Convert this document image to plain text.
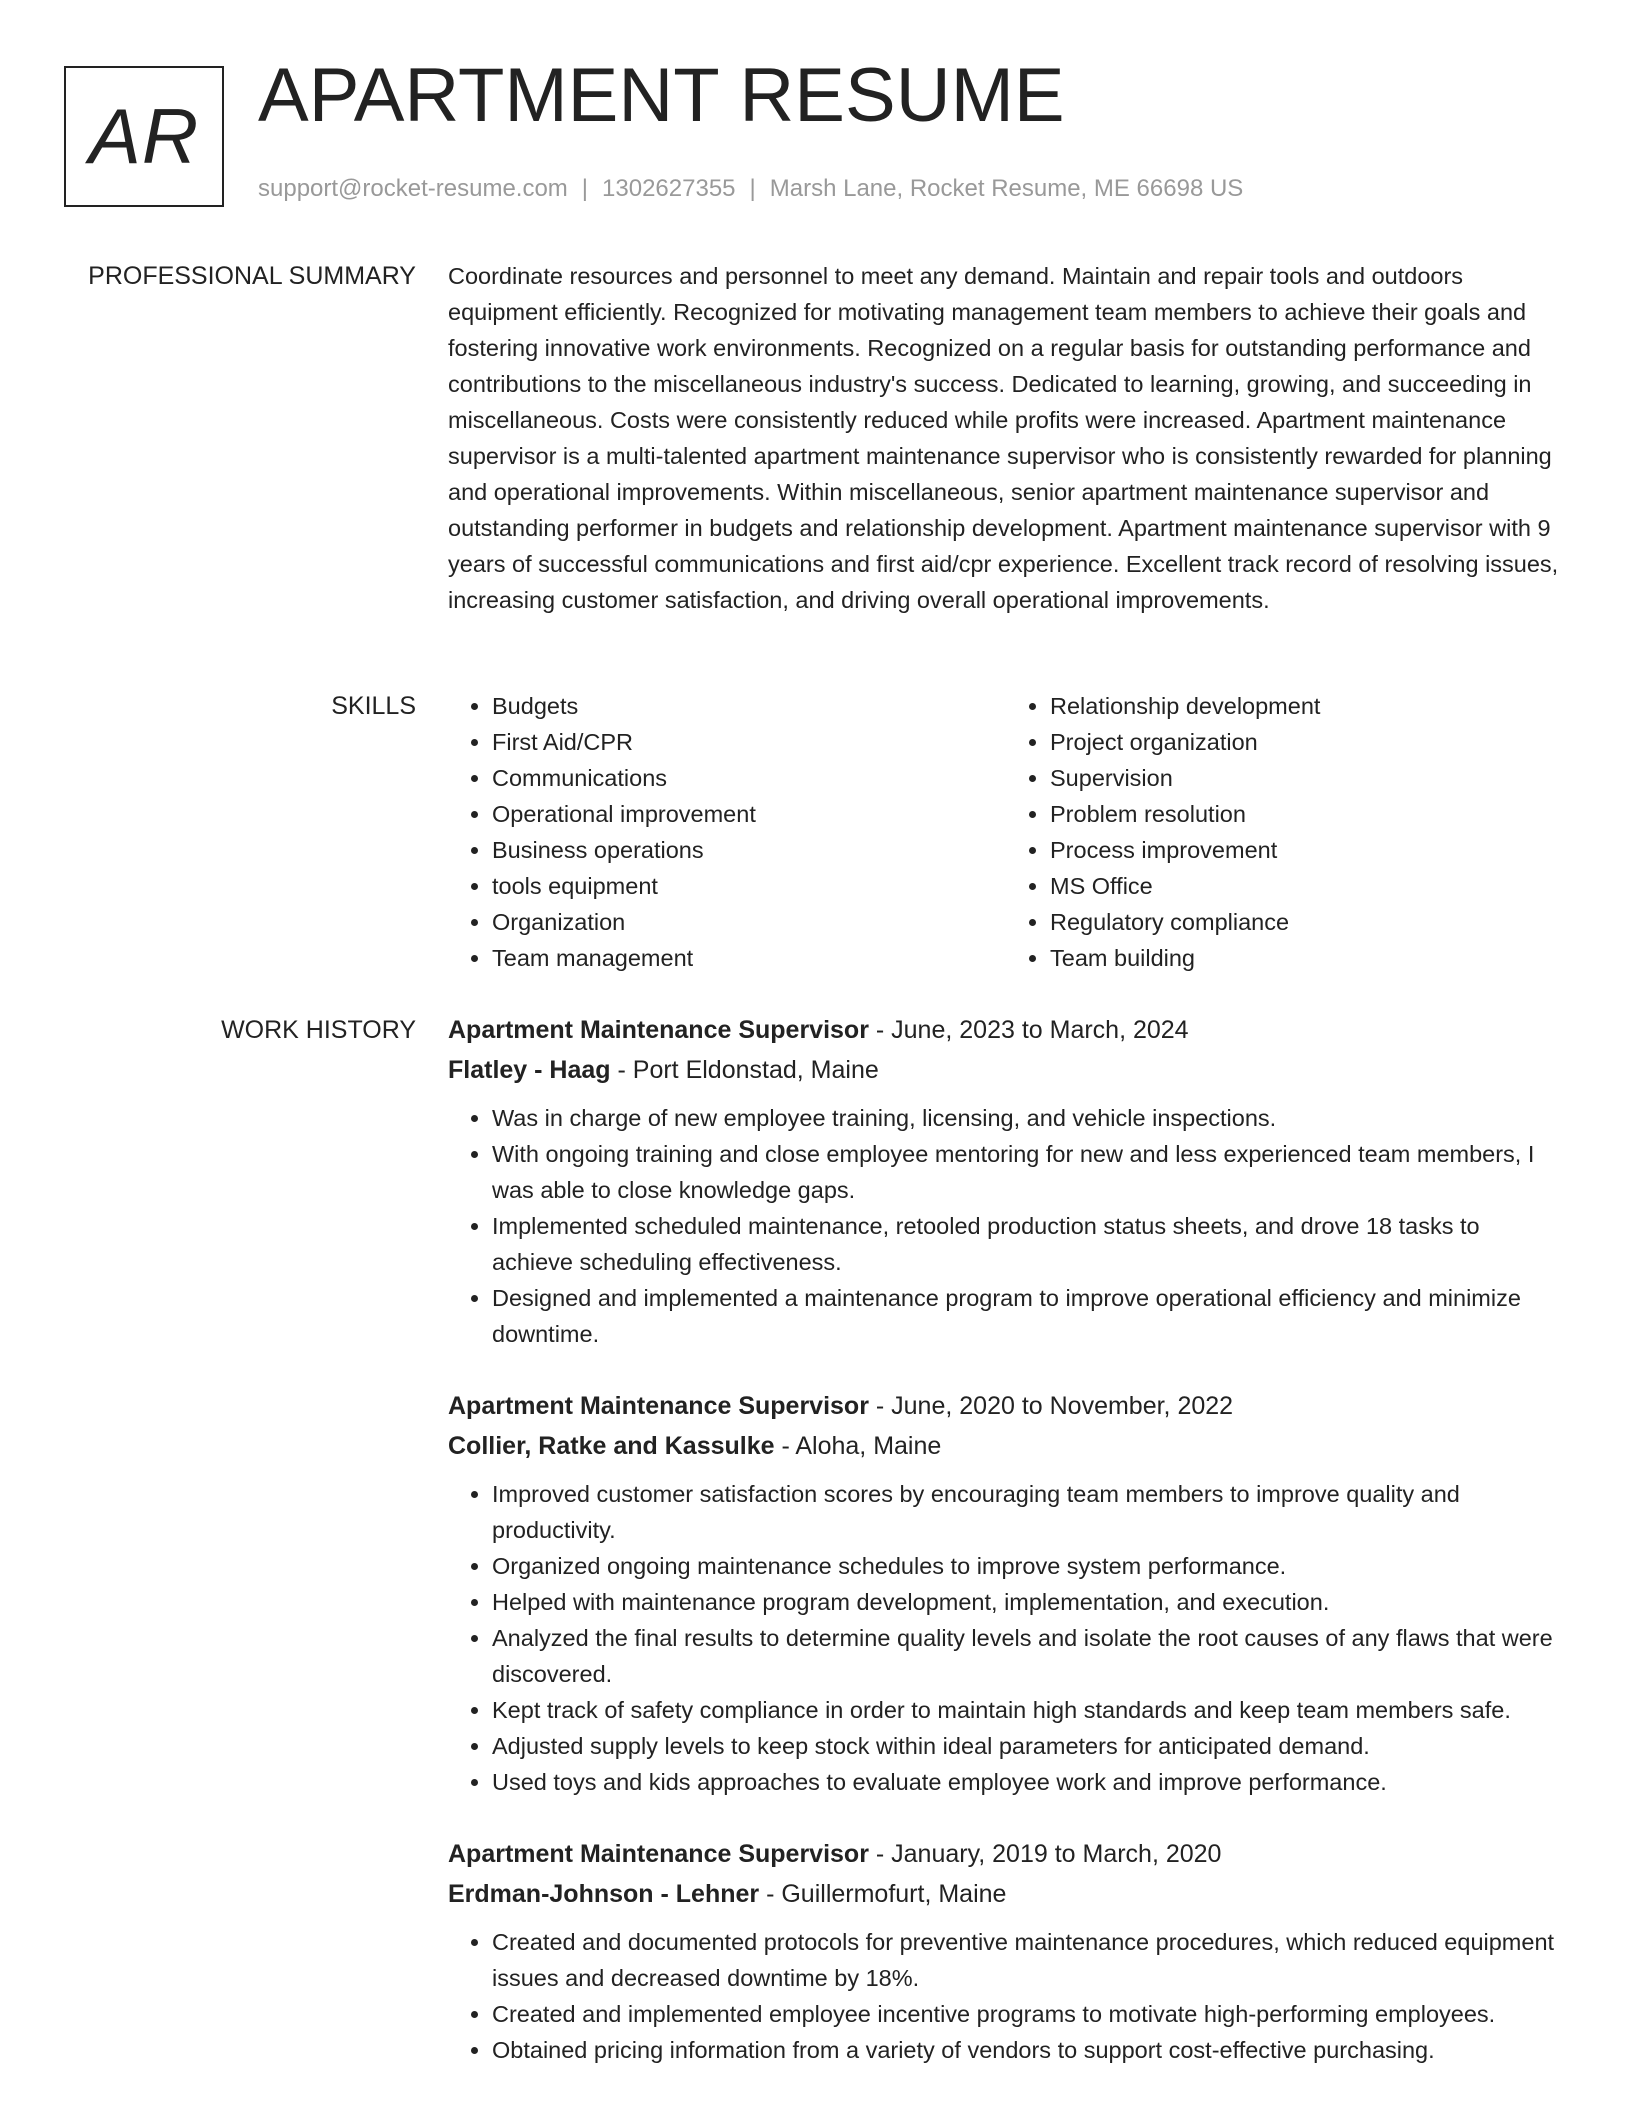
AR APARTMENT RESUME
support@rocket-resume.com | 1302627355 | Marsh Lane, Rocket Resume, ME 66698 US
PROFESSIONAL SUMMARY Coordinate resources and personnel to meet any demand. Maintain and repair tools and outdoors equipment efficiently. Recognized for motivating management team members to achieve their goals and fostering innovative work environments. Recognized on a regular basis for outstanding performance and contributions to the miscellaneous industry's success. Dedicated to learning, growing, and succeeding in miscellaneous. Costs were consistently reduced while profits were increased. Apartment maintenance supervisor is a multi-talented apartment maintenance supervisor who is consistently rewarded for planning and operational improvements. Within miscellaneous, senior apartment maintenance supervisor and outstanding performer in budgets and relationship development. Apartment maintenance supervisor with 9 years of successful communications and first aid/cpr experience. Excellent track record of resolving issues, increasing customer satisfaction, and driving overall operational improvements.

SKILLS
•	Budgets
• First Aid/CPR
• Communications
• Operational improvement
• Business operations
• tools equipment
• Organization
• Team management
• Relationship development
• Project organization
• Supervision
• Problem resolution
• Process improvement
• MS Office
• Regulatory compliance
• Team building
WORK HISTORY Apartment Maintenance Supervisor - June, 2023 to March, 2024
Flatley - Haag - Port Eldonstad, Maine
• Was in charge of new employee training, licensing, and vehicle inspections.
• With ongoing training and close employee mentoring for new and less experienced team members, I was able to close knowledge gaps.
• Implemented scheduled maintenance, retooled production status sheets, and drove 18 tasks to achieve scheduling effectiveness.
• Designed and implemented a maintenance program to improve operational efficiency and minimize downtime.
Apartment Maintenance Supervisor - June, 2020 to November, 2022
Collier, Ratke and Kassulke - Aloha, Maine
• Improved customer satisfaction scores by encouraging team members to improve quality and productivity.
• Organized ongoing maintenance schedules to improve system performance.
• Helped with maintenance program development, implementation, and execution.
• Analyzed the final results to determine quality levels and isolate the root causes of any flaws that were discovered.
• Kept track of safety compliance in order to maintain high standards and keep team members safe.
• Adjusted supply levels to keep stock within ideal parameters for anticipated demand.
• Used toys and kids approaches to evaluate employee work and improve performance.
Apartment Maintenance Supervisor - January, 2019 to March, 2020
Erdman-Johnson - Lehner - Guillermofurt, Maine
• Created and documented protocols for preventive maintenance procedures, which reduced equipment issues and decreased downtime by 18%.
• Created and implemented employee incentive programs to motivate high-performing employees.
• Obtained pricing information from a variety of vendors to support cost-effective purchasing.
